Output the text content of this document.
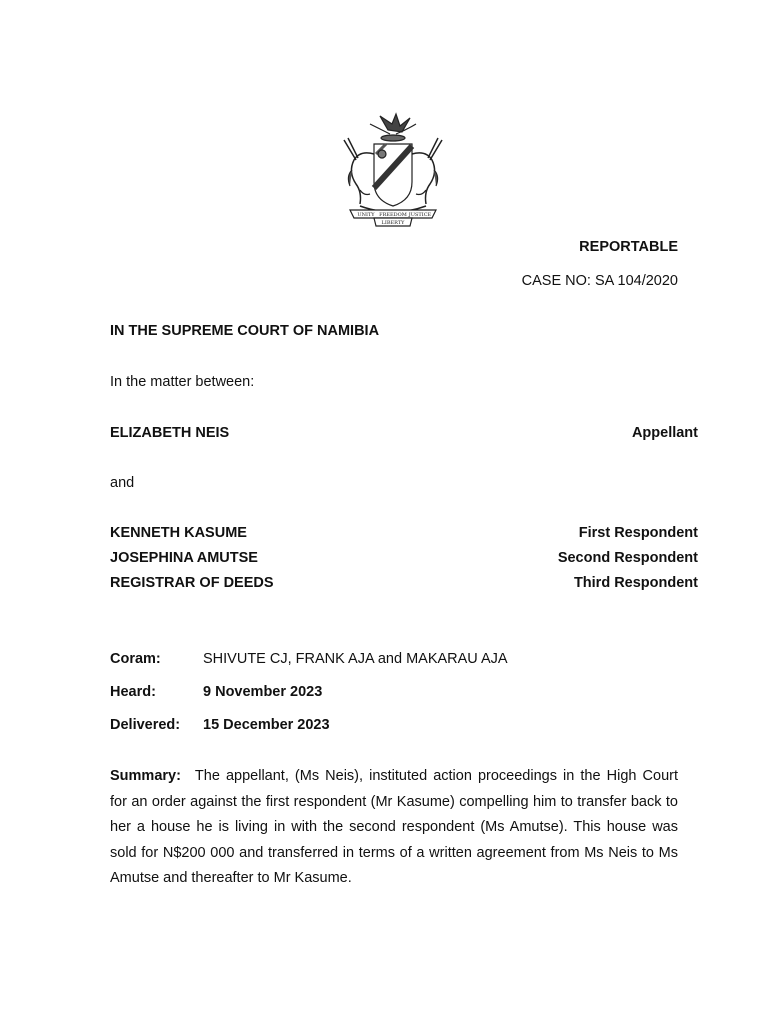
UNITY FREEDOM JUSTICE
LIBERTY
REPORTABLE
CASE NO: SA 104/2020
IN THE SUPREME COURT OF NAMIBIA
In the matter between:
ELIZABETH NEIS	Appellant
and
KENNETH KASUME	First Respondent
JOSEPHINA AMUTSE	Second Respondent
REGISTRAR OF DEEDS	Third Respondent
Coram:	SHIVUTE CJ, FRANK AJA and MAKARAU AJA
Heard:	9 November 2023
Delivered: 15 December 2023
Summary: The appellant, (Ms Neis), instituted action proceedings in the High Court for an order against the first respondent (Mr Kasume) compelling him to transfer back to her a house he is living in with the second respondent (Ms Amutse). This house was sold for N$200 000 and transferred in terms of a written agreement from Ms Neis to Ms Amutse and thereafter to Mr Kasume.
